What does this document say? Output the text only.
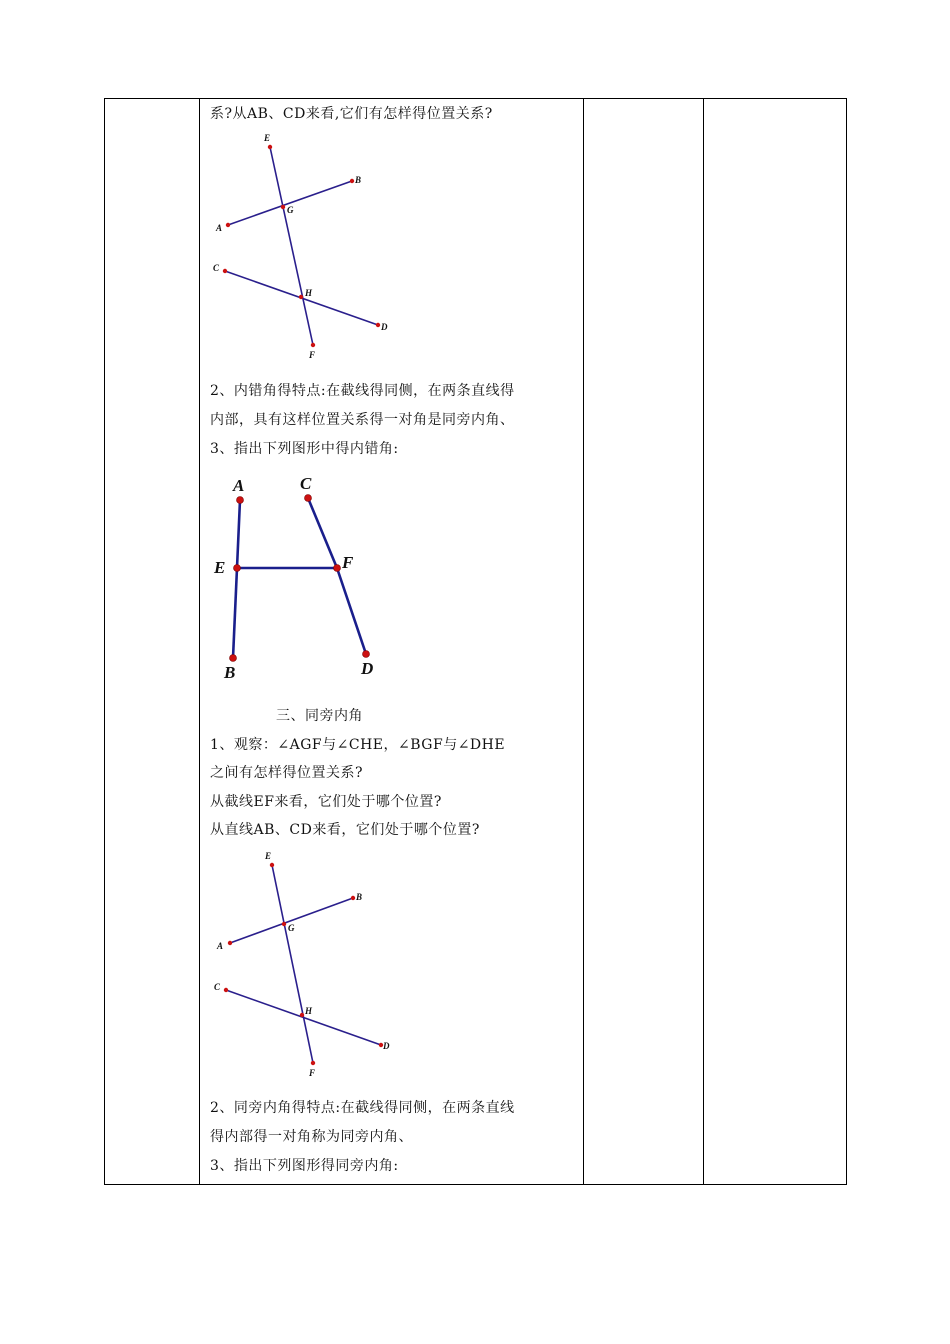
系?从AB、CD来看,它们有怎样得位置关系?
E
B
G
A
C
H
D
F
2、内错角得特点:在截线得同侧，在两条直线得
内部，具有这样位置关系得一对角是同旁内角、
3、指出下列图形中得内错角:
A	C
E	F
B	D
三、同旁内角
1、观察：∠AGF与∠CHE，∠BGF与∠DHE
之间有怎样得位置关系?
从截线EF来看，它们处于哪个位置?
从直线AB、CD来看，它们处于哪个位置?
E
B
G
A
C
H
D
F
2、同旁内角得特点:在截线得同侧，在两条直线
得内部得一对角称为同旁内角、
3、指出下列图形得同旁内角:
